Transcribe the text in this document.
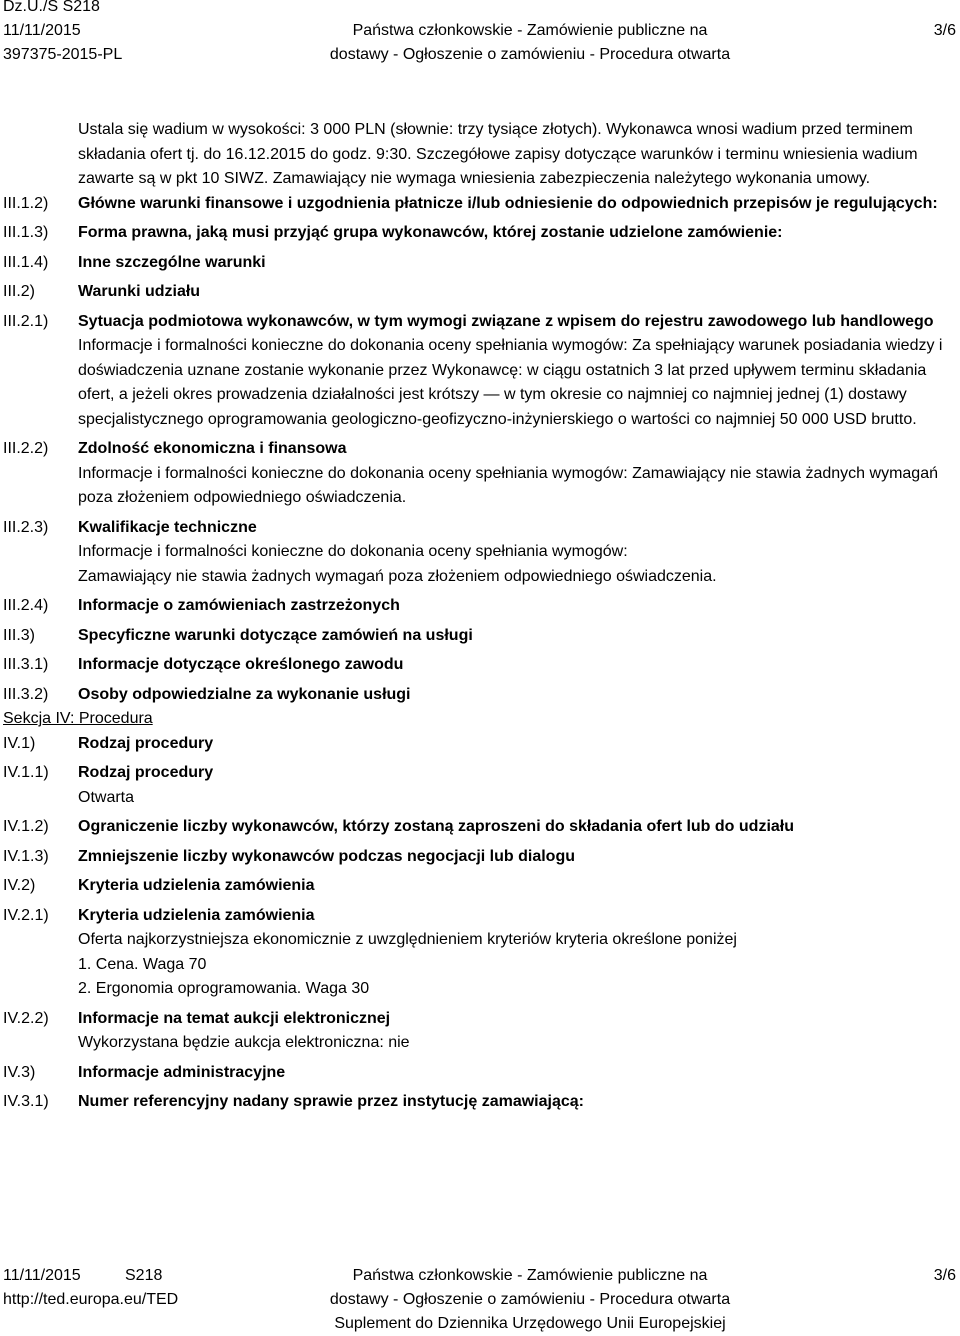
Dz.U./S S218
11/11/2015
397375-2015-PL
Państwa członkowskie - Zamówienie publiczne na
dostawy - Ogłoszenie o zamówieniu - Procedura otwarta
3/6

Ustala się wadium w wysokości: 3 000 PLN (słownie: trzy tysiące złotych). Wykonawca wnosi wadium przed terminem składania ofert tj. do 16.12.2015 do godz. 9:30. Szczegółowe zapisy dotyczące warunków i terminu wniesienia wadium zawarte są w pkt 10 SIWZ. Zamawiający nie wymaga wniesienia zabezpieczenia należytego wykonania umowy.

III.1.2)	Główne warunki finansowe i uzgodnienia płatnicze i/lub odniesienie do odpowiednich przepisów je regulujących:

III.1.3)	Forma prawna, jaką musi przyjąć grupa wykonawców, której zostanie udzielone zamówienie:

III.1.4)	Inne szczególne warunki

III.2)	Warunki udziału

III.2.1)	Sytuacja podmiotowa wykonawców, w tym wymogi związane z wpisem do rejestru zawodowego lub handlowego

Informacje i formalności konieczne do dokonania oceny spełniania wymogów: Za spełniający warunek posiadania wiedzy i doświadczenia uznane zostanie wykonanie przez Wykonawcę: w ciągu ostatnich 3 lat przed upływem terminu składania ofert, a jeżeli okres prowadzenia działalności jest krótszy — w tym okresie co najmniej co najmniej jednej (1) dostawy specjalistycznego oprogramowania geologiczno-geofizyczno-inżynierskiego o wartości co najmniej 50 000 USD brutto.

III.2.2)	Zdolność ekonomiczna i finansowa

Informacje i formalności konieczne do dokonania oceny spełniania wymogów: Zamawiający nie stawia żadnych wymagań poza złożeniem odpowiedniego oświadczenia.

III.2.3)	Kwalifikacje techniczne

Informacje i formalności konieczne do dokonania oceny spełniania wymogów:

Zamawiający nie stawia żadnych wymagań poza złożeniem odpowiedniego oświadczenia.

III.2.4)	Informacje o zamówieniach zastrzeżonych

III.3)	Specyficzne warunki dotyczące zamówień na usługi

III.3.1)	Informacje dotyczące określonego zawodu

III.3.2)	Osoby odpowiedzialne za wykonanie usługi

Sekcja IV: Procedura
IV.1)	Rodzaj procedury

IV.1.1)	Rodzaj procedury

Otwarta

IV.1.2)	Ograniczenie liczby wykonawców, którzy zostaną zaproszeni do składania ofert lub do udziału

IV.1.3)	Zmniejszenie liczby wykonawców podczas negocjacji lub dialogu

IV.2)	Kryteria udzielenia zamówienia

IV.2.1)	Kryteria udzielenia zamówienia

Oferta najkorzystniejsza ekonomicznie z uwzględnieniem kryteriów kryteria określone poniżej

1. Cena. Waga 70

2. Ergonomia oprogramowania. Waga 30

IV.2.2)	Informacje na temat aukcji elektronicznej

Wykorzystana będzie aukcja elektroniczna: nie

IV.3)	Informacje administracyjne

IV.3.1)	Numer referencyjny nadany sprawie przez instytucję zamawiającą:

11/11/2015	S218
http://ted.europa.eu/TED
Państwa członkowskie - Zamówienie publiczne na
dostawy - Ogłoszenie o zamówieniu - Procedura otwarta
Suplement do Dziennika Urzędowego Unii Europejskiej
3/6
